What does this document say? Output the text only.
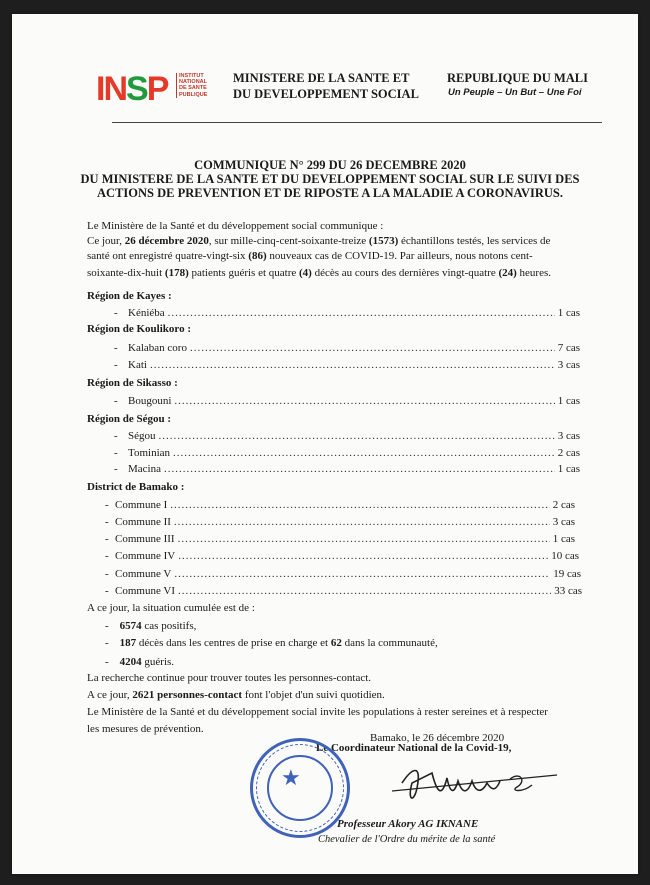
INSP INSTITUT
NATIONAL
DE SANTE
PUBLIQUE
MINISTERE DE LA SANTE ET
DU DEVELOPPEMENT SOCIAL
REPUBLIQUE DU MALI
Un Peuple – Un But – Une Foi
COMMUNIQUE N° 299 DU 26 DECEMBRE 2020
DU MINISTERE DE LA SANTE ET DU DEVELOPPEMENT SOCIAL SUR LE SUIVI DES
ACTIONS DE PREVENTION ET DE RIPOSTE A LA MALADIE A CORONAVIRUS.
Le Ministère de la Santé et du développement social communique :
Ce jour, 26 décembre 2020, sur mille-cinq-cent-soixante-treize (1573) échantillons testés, les services de
santé ont enregistré quatre-vingt-six (86) nouveaux cas de COVID-19. Par ailleurs, nous notons cent-
soixante-dix-huit (178) patients guéris et quatre (4) décès au cours des dernières vingt-quatre (24) heures.
Région de Kayes :
- Kéniéba .....	1 cas
Région de Koulikoro :
- Kalaban coro .....	7 cas
- Kati .....	3 cas
Région de Sikasso :
- Bougouni .....	1 cas
Région de Ségou :
- Ségou .....	3 cas
- Tominian .....	2 cas
- Macina .....	1 cas
District de Bamako :
- Commune I .....	2 cas
- Commune II .....	3 cas
- Commune III .....	1 cas
- Commune IV .....	10 cas
- Commune V .....	19 cas
- Commune VI .....	33 cas
A ce jour, la situation cumulée est de :
- 6574 cas positifs,
- 187 décès dans les centres de prise en charge et 62 dans la communauté,
- 4204 guéris.
La recherche continue pour trouver toutes les personnes-contact.
A ce jour, 2621 personnes-contact font l'objet d'un suivi quotidien.
Le Ministère de la Santé et du développement social invite les populations à rester sereines et à respecter
les mesures de prévention.
Bamako, le 26 décembre 2020
Le Coordinateur National de la Covid-19,
★
Professeur Akory AG IKNANE
Chevalier de l'Ordre du mérite de la santé
